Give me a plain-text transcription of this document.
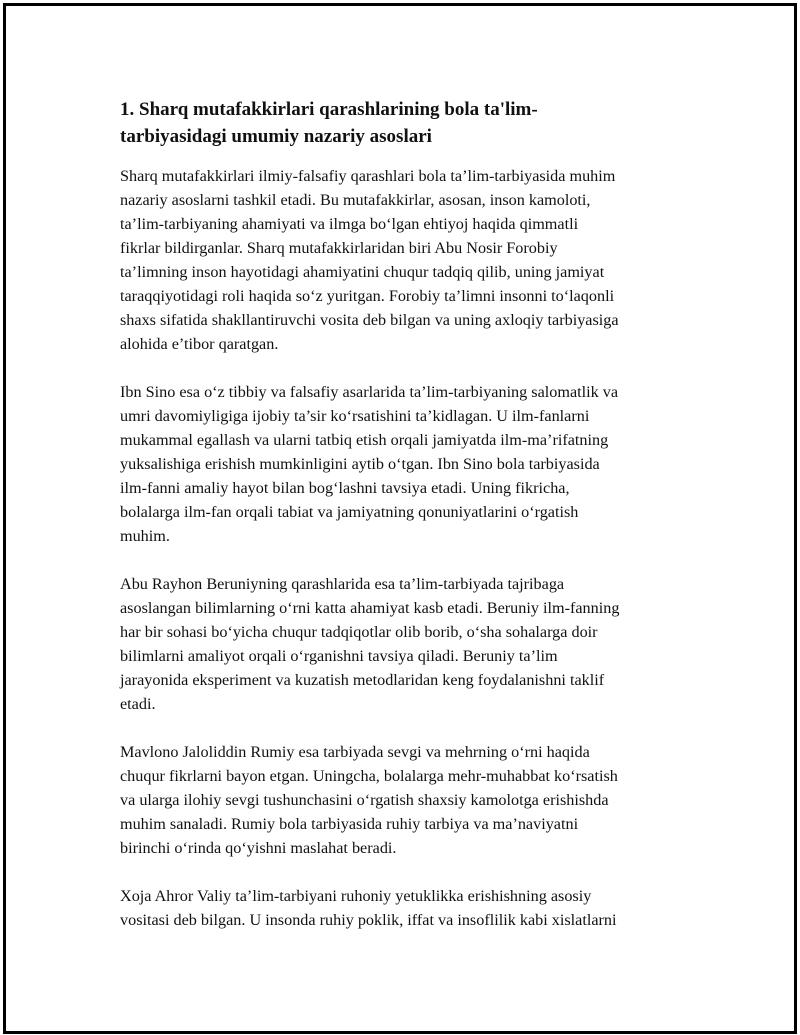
1. Sharq mutafakkirlari qarashlarining bola ta'lim-
tarbiyasidagi umumiy nazariy asoslari

Sharq mutafakkirlari ilmiy-falsafiy qarashlari bola ta’lim-tarbiyasida muhim
nazariy asoslarni tashkil etadi. Bu mutafakkirlar, asosan, inson kamoloti,
ta’lim-tarbiyaning ahamiyati va ilmga bo‘lgan ehtiyoj haqida qimmatli
fikrlar bildirganlar. Sharq mutafakkirlaridan biri Abu Nosir Forobiy
ta’limning inson hayotidagi ahamiyatini chuqur tadqiq qilib, uning jamiyat
taraqqiyotidagi roli haqida so‘z yuritgan. Forobiy ta’limni insonni to‘laqonli
shaxs sifatida shakllantiruvchi vosita deb bilgan va uning axloqiy tarbiyasiga
alohida e’tibor qaratgan.

Ibn Sino esa o‘z tibbiy va falsafiy asarlarida ta’lim-tarbiyaning salomatlik va
umri davomiyligiga ijobiy ta’sir ko‘rsatishini ta’kidlagan. U ilm-fanlarni
mukammal egallash va ularni tatbiq etish orqali jamiyatda ilm-ma’rifatning
yuksalishiga erishish mumkinligini aytib o‘tgan. Ibn Sino bola tarbiyasida
ilm-fanni amaliy hayot bilan bog‘lashni tavsiya etadi. Uning fikricha,
bolalarga ilm-fan orqali tabiat va jamiyatning qonuniyatlarini o‘rgatish
muhim.

Abu Rayhon Beruniyning qarashlarida esa ta’lim-tarbiyada tajribaga
asoslangan bilimlarning o‘rni katta ahamiyat kasb etadi. Beruniy ilm-fanning
har bir sohasi bo‘yicha chuqur tadqiqotlar olib borib, o‘sha sohalarga doir
bilimlarni amaliyot orqali o‘rganishni tavsiya qiladi. Beruniy ta’lim
jarayonida eksperiment va kuzatish metodlaridan keng foydalanishni taklif
etadi.

Mavlono Jaloliddin Rumiy esa tarbiyada sevgi va mehrning o‘rni haqida
chuqur fikrlarni bayon etgan. Uningcha, bolalarga mehr-muhabbat ko‘rsatish
va ularga ilohiy sevgi tushunchasini o‘rgatish shaxsiy kamolotga erishishda
muhim sanaladi. Rumiy bola tarbiyasida ruhiy tarbiya va ma’naviyatni
birinchi o‘rinda qo‘yishni maslahat beradi.

Xoja Ahror Valiy ta’lim-tarbiyani ruhoniy yetuklikka erishishning asosiy
vositasi deb bilgan. U insonda ruhiy poklik, iffat va insoflilik kabi xislatlarni
